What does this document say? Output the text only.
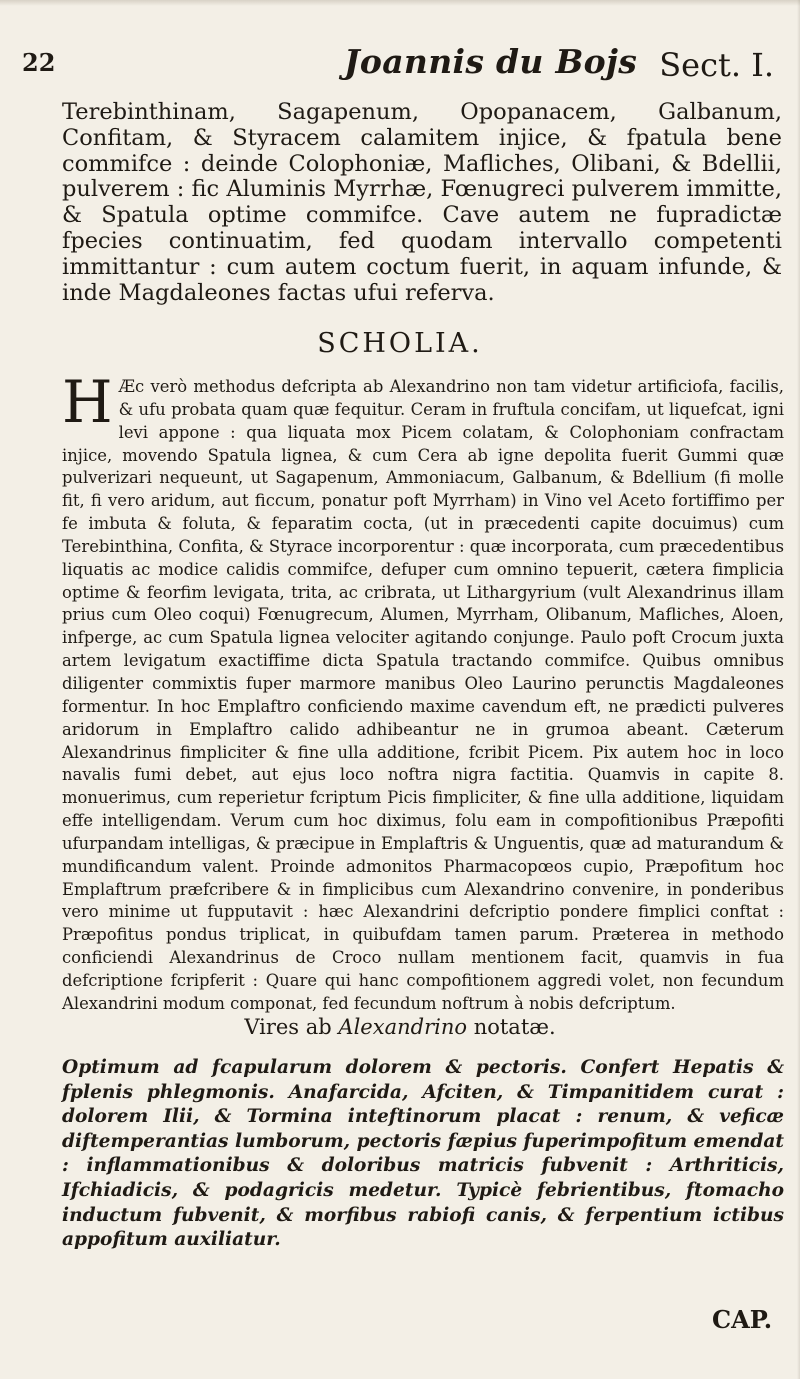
22	Joannis du Bojs Sect. I.

Terebinthinam, Sagapenum, Opopanacem, Galbanum, Confitam, & Styracem calamitem injice, & fpatula bene commifce : deinde Colophoniæ, Mafliches, Olibani, & Bdellii, pulverem : fic Aluminis Myrrhæ, Fœnugreci pulverem immitte, & Spatula optime commifce. Cave autem ne fupradictæ fpecies continuatim, fed quodam intervallo competenti immittantur : cum autem coctum fuerit, in aquam infunde, & inde Magdaleones factas ufui referva.

SCHOLIA.

H Æc verò methodus defcripta ab Alexandrino non tam videtur artificiofa, facilis, & ufu probata quam quæ fequitur. Ceram in fruftula concifam, ut liquefcat, igni levi appone : qua liquata mox Picem colatam, & Colophoniam confractam injice, movendo Spatula lignea, & cum Cera ab igne depolita fuerit Gummi quæ pulverizari nequeunt, ut Sagapenum, Ammoniacum, Galbanum, & Bdellium (fi molle fit, fi vero aridum, aut ficcum, ponatur poft Myrrham) in Vino vel Aceto fortiffimo per fe imbuta & foluta, & feparatim cocta, (ut in præcedenti capite docuimus) cum Terebinthina, Confita, & Styrace incorporentur : quæ incorporata, cum præcedentibus liquatis ac modice calidis commifce, defuper cum omnino tepuerit, cætera fimplicia optime & feorfim levigata, trita, ac cribrata, ut Lithargyrium (vult Alexandrinus illam prius cum Oleo coqui) Fœnugrecum, Alumen, Myrrham, Olibanum, Mafliches, Aloen, infperge, ac cum Spatula lignea velociter agitando conjunge. Paulo poft Crocum juxta artem levigatum exactiffime dicta Spatula tractando commifce. Quibus omnibus diligenter commixtis fuper marmore manibus Oleo Laurino perunctis Magdaleones formentur. In hoc Emplaftro conficiendo maxime cavendum eft, ne prædicti pulveres aridorum in Emplaftro calido adhibeantur ne in grumoa abeant. Cæterum Alexandrinus fimpliciter & fine ulla additione, fcribit Picem. Pix autem hoc in loco navalis fumi debet, aut ejus loco noftra nigra factitia. Quamvis in capite 8. monuerimus, cum reperietur fcriptum Picis fimpliciter, & fine ulla additione, liquidam effe intelligendam. Verum cum hoc diximus, folu eam in compofitionibus Præpofiti ufurpandam intelligas, & præcipue in Emplaftris & Unguentis, quæ ad maturandum & mundificandum valent. Proinde admonitos Pharmacopœos cupio, Præpofitum hoc Emplaftrum præfcribere & in fimplicibus cum Alexandrino convenire, in ponderibus vero minime ut fupputavit : hæc Alexandrini defcriptio pondere fimplici conftat : Præpofitus pondus triplicat, in quibufdam tamen parum. Præterea in methodo conficiendi Alexandrinus de Croco nullam mentionem facit, quamvis in fua defcriptione fcripferit : Quare qui hanc compofitionem aggredi volet, non fecundum Alexandrini modum componat, fed fecundum noftrum à nobis defcriptum.

Vires ab Alexandrino notatæ.

Optimum ad fcapularum dolorem & pectoris. Confert Hepatis & fplenis phlegmonis. Anafarcida, Afciten, & Timpanitidem curat : dolorem Ilii, & Tormina inteftinorum placat : renum, & veficæ diftemperantias lumborum, pectoris fæpius fuperimpofitum emendat : inflammationibus & doloribus matricis fubvenit : Arthriticis, Ifchiadicis, & podagricis medetur. Typicè febrientibus, ftomacho inductum fubvenit, & morfibus rabiofi canis, & ferpentium ictibus appofitum auxiliatur.

CAP.
